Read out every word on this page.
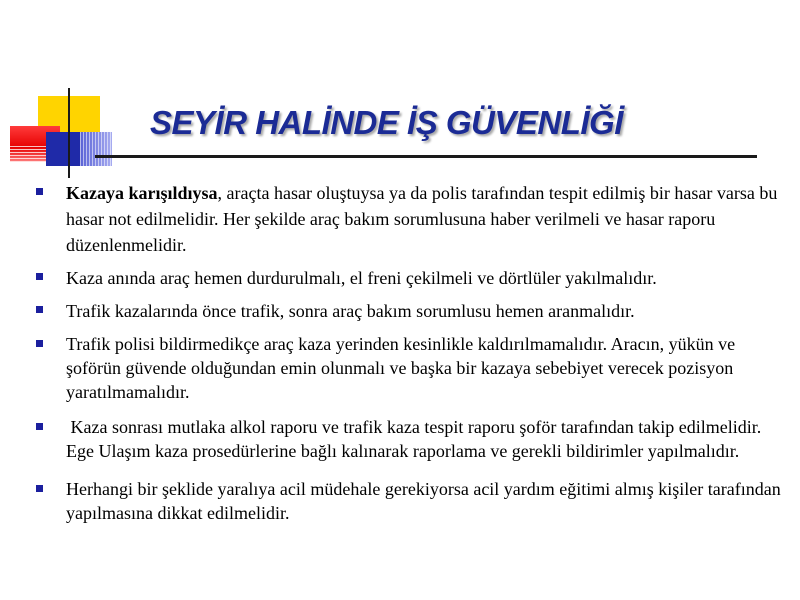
SEYİR HALİNDE İŞ GÜVENLİĞİ
Kazaya karışıldıysa, araçta hasar oluştuysa ya da polis tarafından tespit edilmiş bir hasar varsa bu hasar not edilmelidir. Her şekilde araç bakım sorumlusuna haber verilmeli ve hasar raporu düzenlenmelidir.
Kaza anında araç hemen durdurulmalı, el freni çekilmeli ve dörtlüler yakılmalıdır.
Trafik kazalarında önce trafik, sonra araç bakım sorumlusu hemen aranmalıdır.
Trafik polisi bildirmedikçe araç kaza yerinden kesinlikle kaldırılmamalıdır. Aracın, yükün ve şoförün güvende olduğundan emin olunmalı ve başka bir kazaya sebebiyet verecek pozisyon yaratılmamalıdır.
Kaza sonrası mutlaka alkol raporu ve trafik kaza tespit raporu şoför tarafından takip edilmelidir. Ege Ulaşım kaza prosedürlerine bağlı kalınarak raporlama ve gerekli bildirimler yapılmalıdır.
Herhangi bir şeklide yaralıya acil müdehale gerekiyorsa acil yardım eğitimi almış kişiler tarafından yapılmasına dikkat edilmelidir.
